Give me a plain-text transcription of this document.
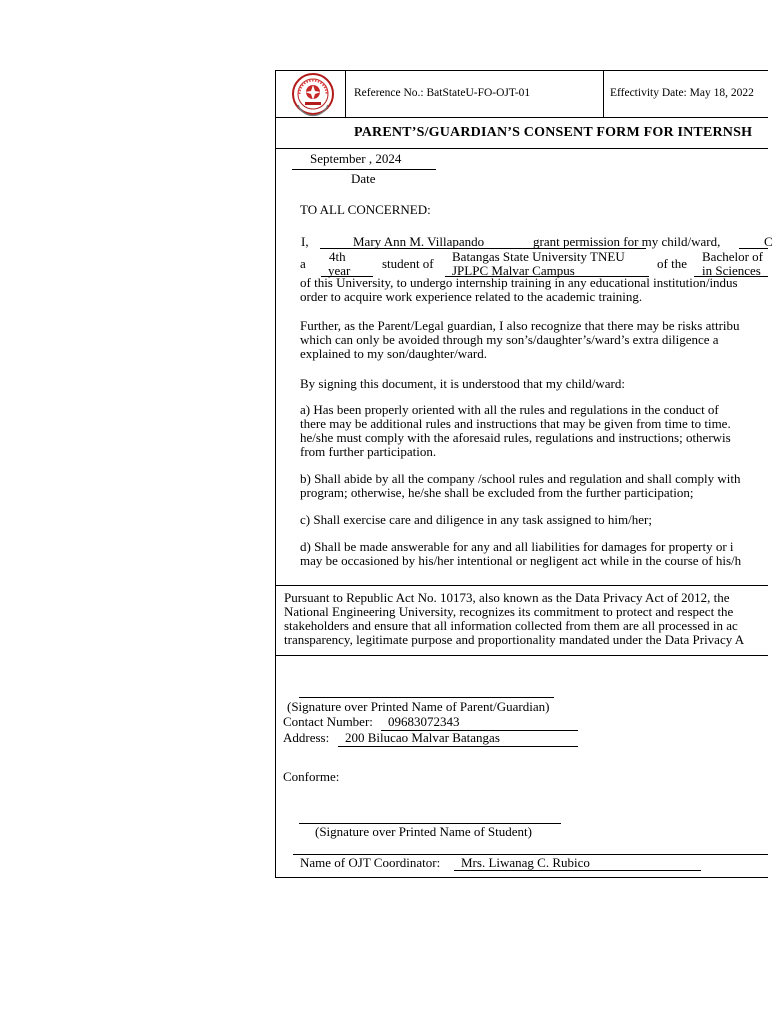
Reference No.: BatStateU-FO-OJT-01	Effectivity Date: May 18, 2022
PARENT’S/GUARDIAN’S CONSENT FORM FOR INTERNSH
September , 2024
Date
TO ALL CONCERNED:
I,	Mary Ann M. Villapando	grant permission for my child/ward,	C
a 4th
year student of Batangas State University TNEU
JPLPC Malvar Campus	of the Bachelor of
in Sciences
of this University, to undergo internship training in any educational institution/indus
order to acquire work experience related to the academic training.
Further, as the Parent/Legal guardian, I also recognize that there may be risks attribu
which can only be avoided through my son’s/daughter’s/ward’s extra diligence a
explained to my son/daughter/ward.
By signing this document, it is understood that my child/ward:
a) Has been properly oriented with all the rules and regulations in the conduct of
there may be additional rules and instructions that may be given from time to time.
he/she must comply with the aforesaid rules, regulations and instructions; otherwis
from further participation.
b) Shall abide by all the company /school rules and regulation and shall comply with
program; otherwise, he/she shall be excluded from the further participation;
c) Shall exercise care and diligence in any task assigned to him/her;
d) Shall be made answerable for any and all liabilities for damages for property or i
may be occasioned by his/her intentional or negligent act while in the course of his/h
Pursuant to Republic Act No. 10173, also known as the Data Privacy Act of 2012, the
National Engineering University, recognizes its commitment to protect and respect the
stakeholders and ensure that all information collected from them are all processed in ac
transparency, legitimate purpose and proportionality mandated under the Data Privacy A
(Signature over Printed Name of Parent/Guardian)
Contact Number: 09683072343
Address: 200 Bilucao Malvar Batangas
Conforme:
(Signature over Printed Name of Student)
Name of OJT Coordinator: Mrs. Liwanag C. Rubico
